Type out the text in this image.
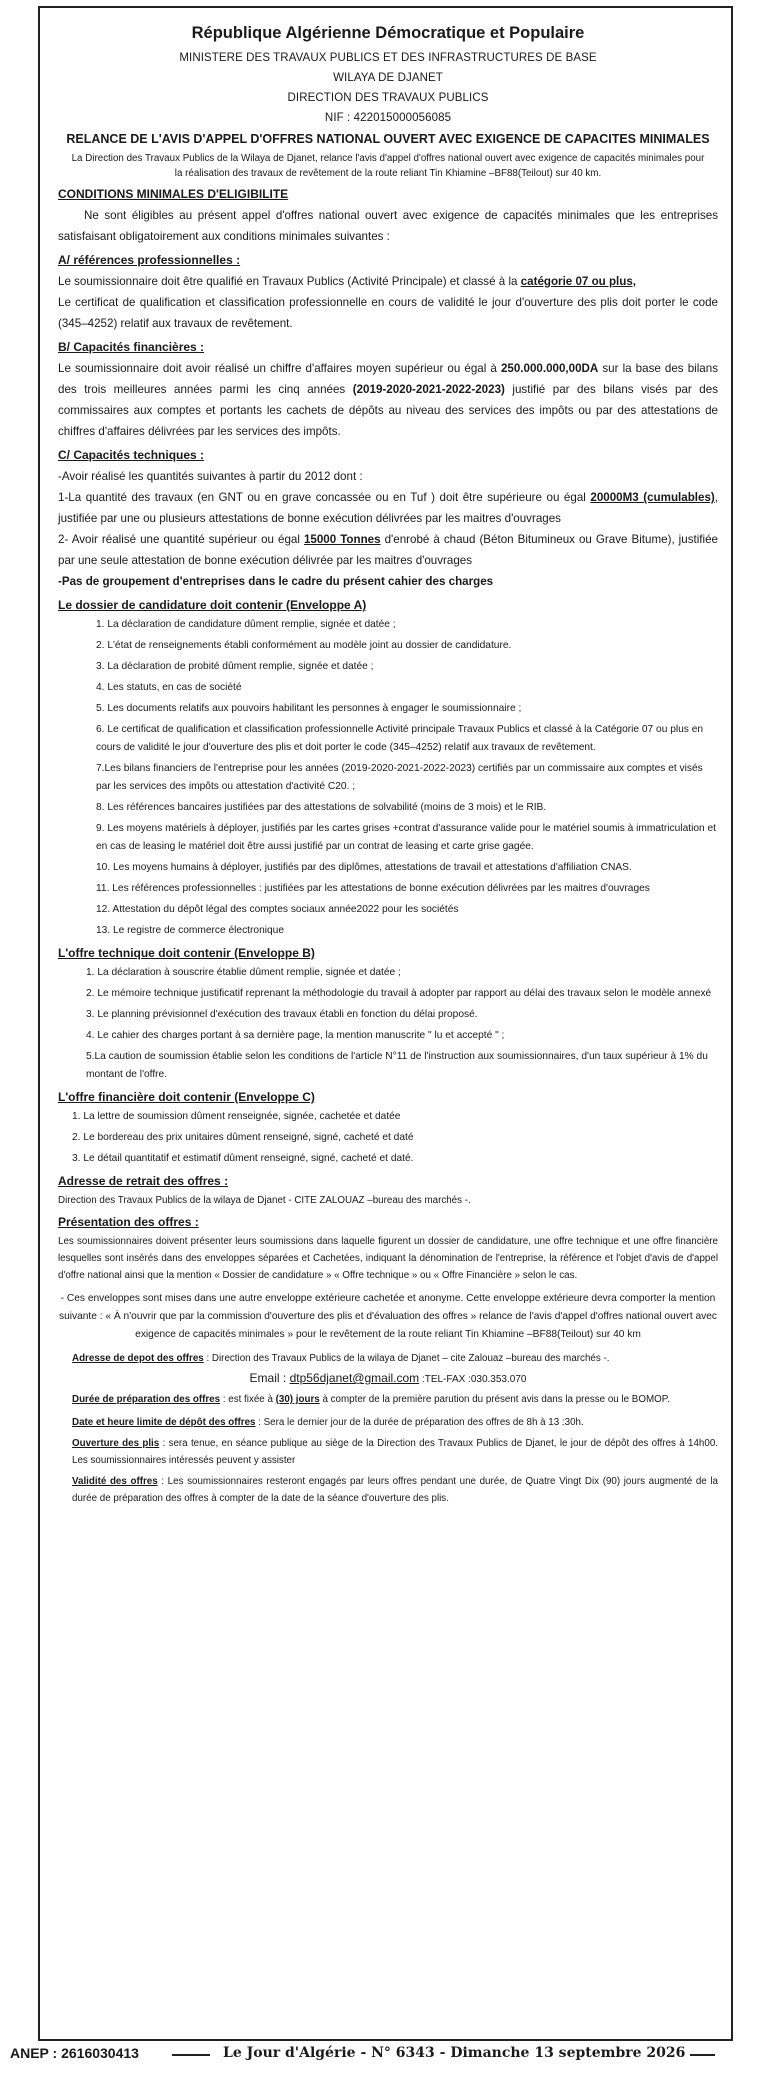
République Algérienne Démocratique et Populaire

MINISTERE DES TRAVAUX PUBLICS ET DES INFRASTRUCTURES DE BASE

WILAYA DE DJANET

DIRECTION DES TRAVAUX PUBLICS

NIF : 422015000056085

RELANCE DE L'AVIS D'APPEL D'OFFRES NATIONAL OUVERT AVEC EXIGENCE DE CAPACITES MINIMALES

La Direction des Travaux Publics de la Wilaya de Djanet, relance l'avis d'appel d'offres national ouvert avec exigence de capacités minimales pour la réalisation des travaux de revêtement de la route reliant Tin Khiamine –BF88(Teilout) sur 40 km.

CONDITIONS MINIMALES D'ELIGIBILITE

Ne sont éligibles au présent appel d'offres national ouvert avec exigence de capacités minimales que les entreprises satisfaisant obligatoirement aux conditions minimales suivantes :

A/ références professionnelles :

Le soumissionnaire doit être qualifié en Travaux Publics (Activité Principale) et classé à la catégorie 07 ou plus,

Le certificat de qualification et classification professionnelle en cours de validité le jour d'ouverture des plis doit porter le code (345–4252) relatif aux travaux de revêtement.

B/ Capacités financières :

Le soumissionnaire doit avoir réalisé un chiffre d'affaires moyen supérieur ou égal à 250.000.000,00DA sur la base des bilans des trois meilleures années parmi les cinq années (2019-2020-2021-2022-2023) justifié par des bilans visés par des commissaires aux comptes et portants les cachets de dépôts au niveau des services des impôts ou par des attestations de chiffres d'affaires délivrées par les services des impôts.

C/ Capacités techniques :

-Avoir réalisé les quantités suivantes à partir du 2012 dont :

1-La quantité des travaux (en GNT ou en grave concassée ou en Tuf ) doit être supérieure ou égal 20000M3 (cumulables), justifiée par une ou plusieurs attestations de bonne exécution délivrées par les maitres d'ouvrages

2- Avoir réalisé une quantité supérieur ou égal 15000 Tonnes d'enrobé à chaud (Béton Bitumineux ou Grave Bitume), justifiée par une seule attestation de bonne exécution délivrée par les maitres d'ouvrages

-Pas de groupement d'entreprises dans le cadre du présent cahier des charges

Le dossier de candidature doit contenir (Enveloppe A)

1. La déclaration de candidature dûment remplie, signée et datée ;
2. L'état de renseignements établi conformément au modèle joint au dossier de candidature.
3. La déclaration de probité dûment remplie, signée et datée ;
4. Les statuts, en cas de société
5. Les documents relatifs aux pouvoirs habilitant les personnes à engager le soumissionnaire ;
6. Le certificat de qualification et classification professionnelle Activité principale Travaux Publics et classé à la Catégorie 07 ou plus en cours de validité le jour d'ouverture des plis et doit porter le code (345–4252) relatif aux travaux de revêtement.
7.Les bilans financiers de l'entreprise pour les années (2019-2020-2021-2022-2023) certifiés par un commissaire aux comptes et visés par les services des impôts ou attestation d'activité C20. ;
8. Les références bancaires justifiées par des attestations de solvabilité (moins de 3 mois) et le RIB.
9. Les moyens matériels à déployer, justifiés par les cartes grises +contrat d'assurance valide pour le matériel soumis à immatriculation et en cas de leasing le matériel doit être aussi justifié par un contrat de leasing et carte grise gagée.
10. Les moyens humains à déployer, justifiés par des diplômes, attestations de travail et attestations d'affiliation CNAS.
11. Les références professionnelles : justifiées par les attestations de bonne exécution délivrées par les maitres d'ouvrages
12. Attestation du dépôt légal des comptes sociaux année2022 pour les sociétés
13. Le registre de commerce électronique

L'offre technique doit contenir (Enveloppe B)

1. La déclaration à souscrire établie dûment remplie, signée et datée ;
2. Le mémoire technique justificatif reprenant la méthodologie du travail à adopter par rapport au délai des travaux selon le modèle annexé
3. Le planning prévisionnel d'exécution des travaux établi en fonction du délai proposé.
4. Le cahier des charges portant à sa dernière page, la mention manuscrite " lu et accepté " ;
5.La caution de soumission établie selon les conditions de l'article N°11 de l'instruction aux soumissionnaires, d'un taux supérieur à 1% du montant de l'offre.

L'offre financière doit contenir (Enveloppe C)

1. La lettre de soumission dûment renseignée, signée, cachetée et datée
2. Le bordereau des prix unitaires dûment renseigné, signé, cacheté et daté
3. Le détail quantitatif et estimatif dûment renseigné, signé, cacheté et daté.

Adresse de retrait des offres :

Direction des Travaux Publics de la wilaya de Djanet - CITE ZALOUAZ –bureau des marchés -.

Présentation des offres :

Les soumissionnaires doivent présenter leurs soumissions dans laquelle figurent un dossier de candidature, une offre technique et une offre financière lesquelles sont insérés dans des enveloppes séparées et Cachetées, indiquant la dénomination de l'entreprise, la référence et l'objet d'avis de d'appel d'offre national ainsi que la mention « Dossier de candidature » « Offre technique » ou « Offre Financière » selon le cas.

- Ces enveloppes sont mises dans une autre enveloppe extérieure cachetée et anonyme. Cette enveloppe extérieure devra comporter la mention suivante : « À n'ouvrir que par la commission d'ouverture des plis et d'évaluation des offres » relance de l'avis d'appel d'offres national ouvert avec exigence de capacités minimales » pour le revêtement de la route reliant Tin Khiamine –BF88(Teilout) sur 40 km

Adresse de depot des offres : Direction des Travaux Publics de la wilaya de Djanet – cite Zalouaz –bureau des marchés -.

Email : dtp56djanet@gmail.com :TEL-FAX :030.353.070

Durée de préparation des offres : est fixée à (30) jours à compter de la première parution du présent avis dans la presse ou le BOMOP.

Date et heure limite de dépôt des offres : Sera le dernier jour de la durée de préparation des offres de 8h à 13 :30h.

Ouverture des plis : sera tenue, en séance publique au siège de la Direction des Travaux Publics de Djanet, le jour de dépôt des offres à 14h00. Les soumissionnaires intéressés peuvent y assister

Validité des offres : Les soumissionnaires resteront engagés par leurs offres pendant une durée, de Quatre Vingt Dix (90) jours augmenté de la durée de préparation des offres à compter de la date de la séance d'ouverture des plis.

ANEP : 2616030413	Le Jour d'Algérie - N° 6343 - Dimanche 13 septembre 2026
